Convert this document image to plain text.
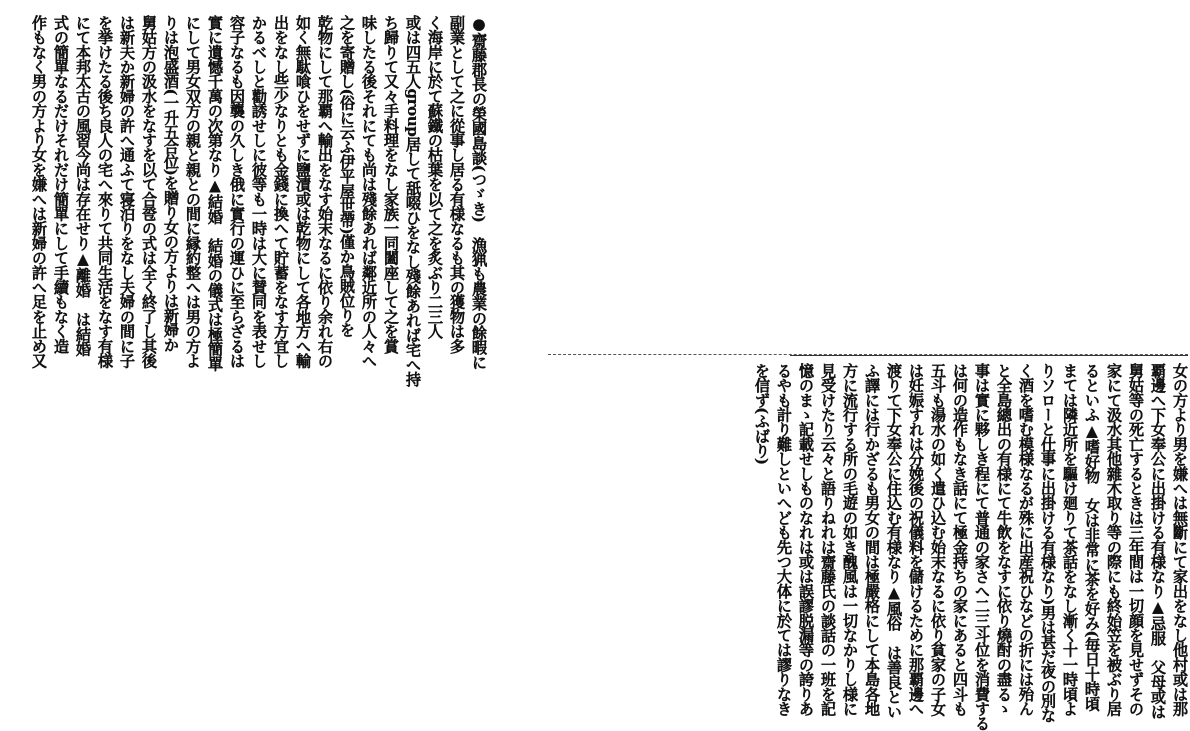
●齋藤郡長の榮國島談(つゞき)　漁猟も農業の餘暇に
副業として之に從事し居る有様なるも其の獲物は多
く海岸に於て蘇鐵の枯葉を以て之を炙ぶり二三人
或は四五人group居して舐啜ひをなし殘餘あれば宅へ持
ち歸りて又々手料理をなし家族一同闔座して之を賞
味したる後それにても尚は殘餘あれば鄰近所の人々へ
之を寄贈し(俗に云ふ伊平屋世帶)僅か鳥賊位りを
乾物にして那覇へ輸出をなす始末なるに依り余れ右の
如く無駄喰ひをせずに鹽漬或は乾物にして各地方へ輸
出をなし些少なりとも金錢に換へて貯蓄をなす方宜し
かるべしと勸誘せしに彼等も一時は大に賛同を表せし
容子なるも因襲の久しき俄に實行の運ひに至らざるは
實に遺憾千萬の次第なり▲結婚　結婚の儀式は極簡單
にして男女双方の親と親との間に縁約整へは男の方よ
りは泡盛酒(一升五合位)を贈り女の方よりは新婦か
舅姑方の汲水をなすを以て合卺の式は全く終了し其後
は新夫か新婦の許へ通ふて寝泊りをなし夫婦の間に子
を挙けたる後ち良人の宅へ來りて共同生活をなす有様
にて本邦太古の風習今尚は存在せり▲離婚　は結婚
式の簡單なるだけそれだけ簡單にして手續もなく造
作もなく男の方より女を嫌へは新婦の許へ足を止め又
女の方より男を嫌へは無斷にて家出をなし他村或は那
覇邊へ下女奉公に出掛ける有様なり▲忌服　父母或は
舅姑等の死亡するときは三年間は一切顔を見せずその
家にて汲水其他雜木取り等の際にも終始笠を被ぶり居
るといふ▲嗜好物　女は非常に茶を好み(毎日十時頃
まては隣近所を驅け廻りて茶話をなし漸く十一時頃よ
りソローと仕事に出掛ける有様なり)男は甚だ夜の別な
く酒を嗜む模様なるが殊に出産祝ひなどの折には殆ん
と全島總出の有様にて牛飲をなすに依り燒酎の盡るゝ
事は實に夥しき程にて普通の家さへ二三斗位を消費する
は何の造作もなき話にて極金持ちの家にあると四斗も
五斗も湯水の如く遣ひ込む始末なるに依り貧家の子女
は妊娠すれは分娩後の祝儀料を儲けるために那覇邊へ
渡りて下女奉公に住込む有様なり▲風俗　は善良とい
ふ譯には行かざるも男女の間は極嚴格にして本島各地
方に流行する所の毛遊の如き醜風は一切なかりし様に
見受けたり云々と語りねれは齋藤氏の談話の一班を記
憶のまゝ記載せしものなれは或は誤謬脱漏等の誇りあ
るやも計り難しといへども先つ大体に於ては謬りなき
を信ず(ふばり)
